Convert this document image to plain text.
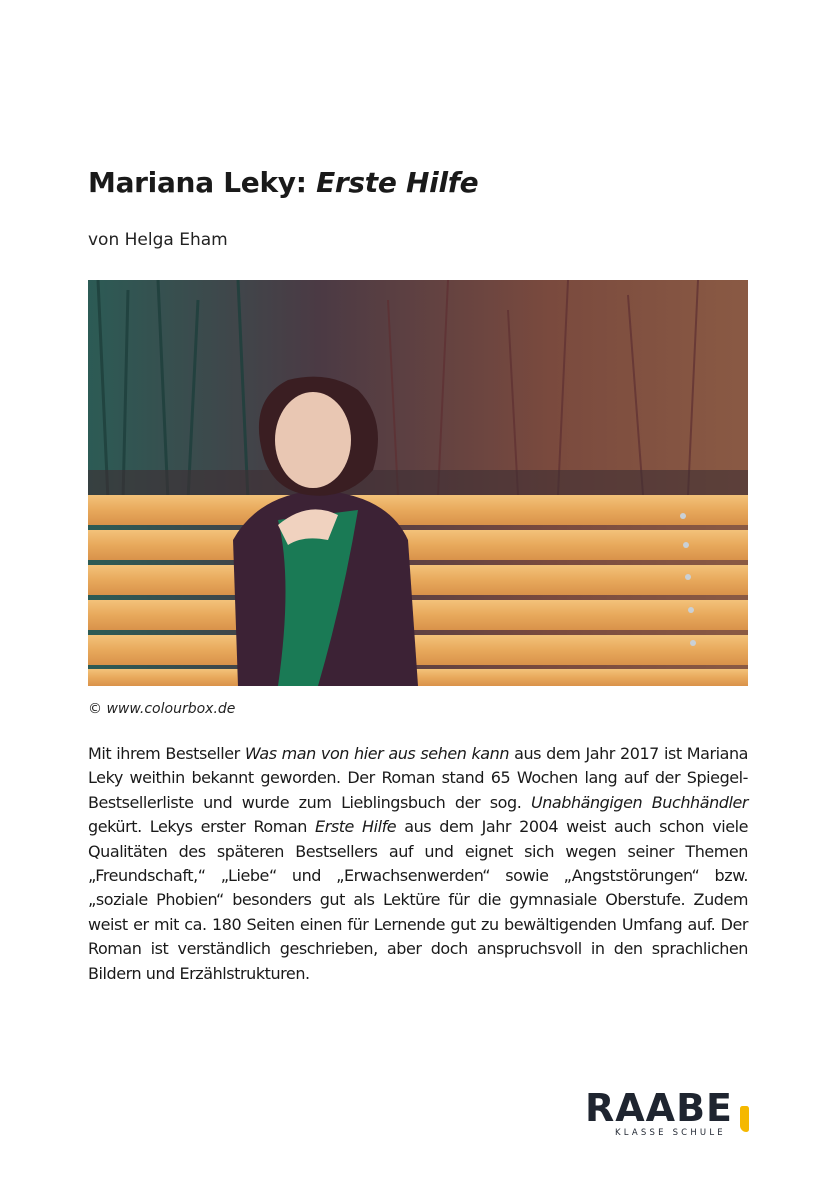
Mariana Leky: Erste Hilfe
von Helga Eham
© www.colourbox.de

Mit ihrem Bestseller Was man von hier aus sehen kann aus dem Jahr 2017 ist Mariana Leky weithin bekannt geworden. Der Roman stand 65 Wochen lang auf der Spiegel-Bestsellerliste und wurde zum Lieblingsbuch der sog. Unabhängigen Buchhändler gekürt. Lekys erster Roman Erste Hilfe aus dem Jahr 2004 weist auch schon viele Qualitäten des späteren Bestsellers auf und eignet sich wegen seiner Themen „Freundschaft,“ „Liebe“ und „Erwachsenwerden“ sowie „Angststörungen“ bzw. „soziale Phobien“ besonders gut als Lektüre für die gymnasiale Oberstufe. Zudem weist er mit ca. 180 Seiten einen für Lernende gut zu bewältigenden Umfang auf. Der Roman ist verständlich geschrieben, aber doch anspruchsvoll in den sprachlichen Bildern und Erzählstrukturen.

RAABE
KLASSE SCHULE
